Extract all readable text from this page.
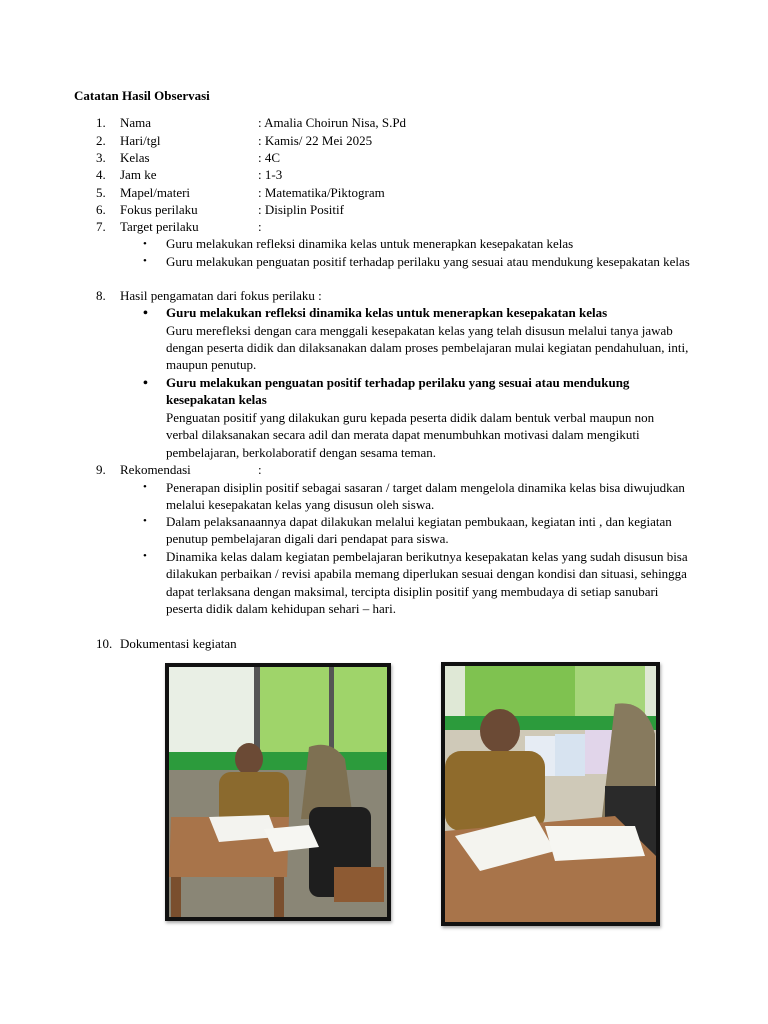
Catatan Hasil Observasi
1. Nama	: Amalia Choirun Nisa, S.Pd
2. Hari/tgl	: Kamis/ 22 Mei 2025
3. Kelas	: 4C
4. Jam ke	: 1-3
5. Mapel/materi	: Matematika/Piktogram
6. Fokus perilaku	: Disiplin Positif
7. Target perilaku	:
• Guru melakukan refleksi dinamika kelas untuk menerapkan kesepakatan kelas
• Guru melakukan penguatan positif terhadap perilaku yang sesuai atau mendukung kesepakatan kelas
8. Hasil pengamatan dari fokus perilaku :
• Guru melakukan refleksi dinamika kelas untuk menerapkan kesepakatan kelas
Guru merefleksi dengan cara menggali kesepakatan kelas yang telah disusun melalui tanya jawab dengan peserta didik dan dilaksanakan dalam proses pembelajaran mulai kegiatan pendahuluan, inti, maupun penutup.
• Guru melakukan penguatan positif terhadap perilaku yang sesuai atau mendukung kesepakatan kelas
Penguatan positif yang dilakukan guru kepada peserta didik dalam bentuk verbal maupun non verbal dilaksanakan secara adil dan merata dapat menumbuhkan motivasi dalam mengikuti pembelajaran, berkolaboratif dengan sesama teman.
9. Rekomendasi	:
• Penerapan disiplin positif sebagai sasaran / target dalam mengelola dinamika kelas bisa diwujudkan melalui kesepakatan kelas yang disusun oleh siswa.
• Dalam pelaksanaannya dapat dilakukan melalui kegiatan pembukaan, kegiatan inti , dan kegiatan penutup pembelajaran digali dari pendapat para siswa.
• Dinamika kelas dalam kegiatan pembelajaran berikutnya kesepakatan kelas yang sudah disusun bisa dilakukan perbaikan / revisi apabila memang diperlukan sesuai dengan kondisi dan situasi, sehingga dapat terlaksana dengan maksimal, tercipta disiplin positif yang membudaya di setiap sanubari peserta didik dalam kehidupan sehari – hari.
10. Dokumentasi kegiatan
